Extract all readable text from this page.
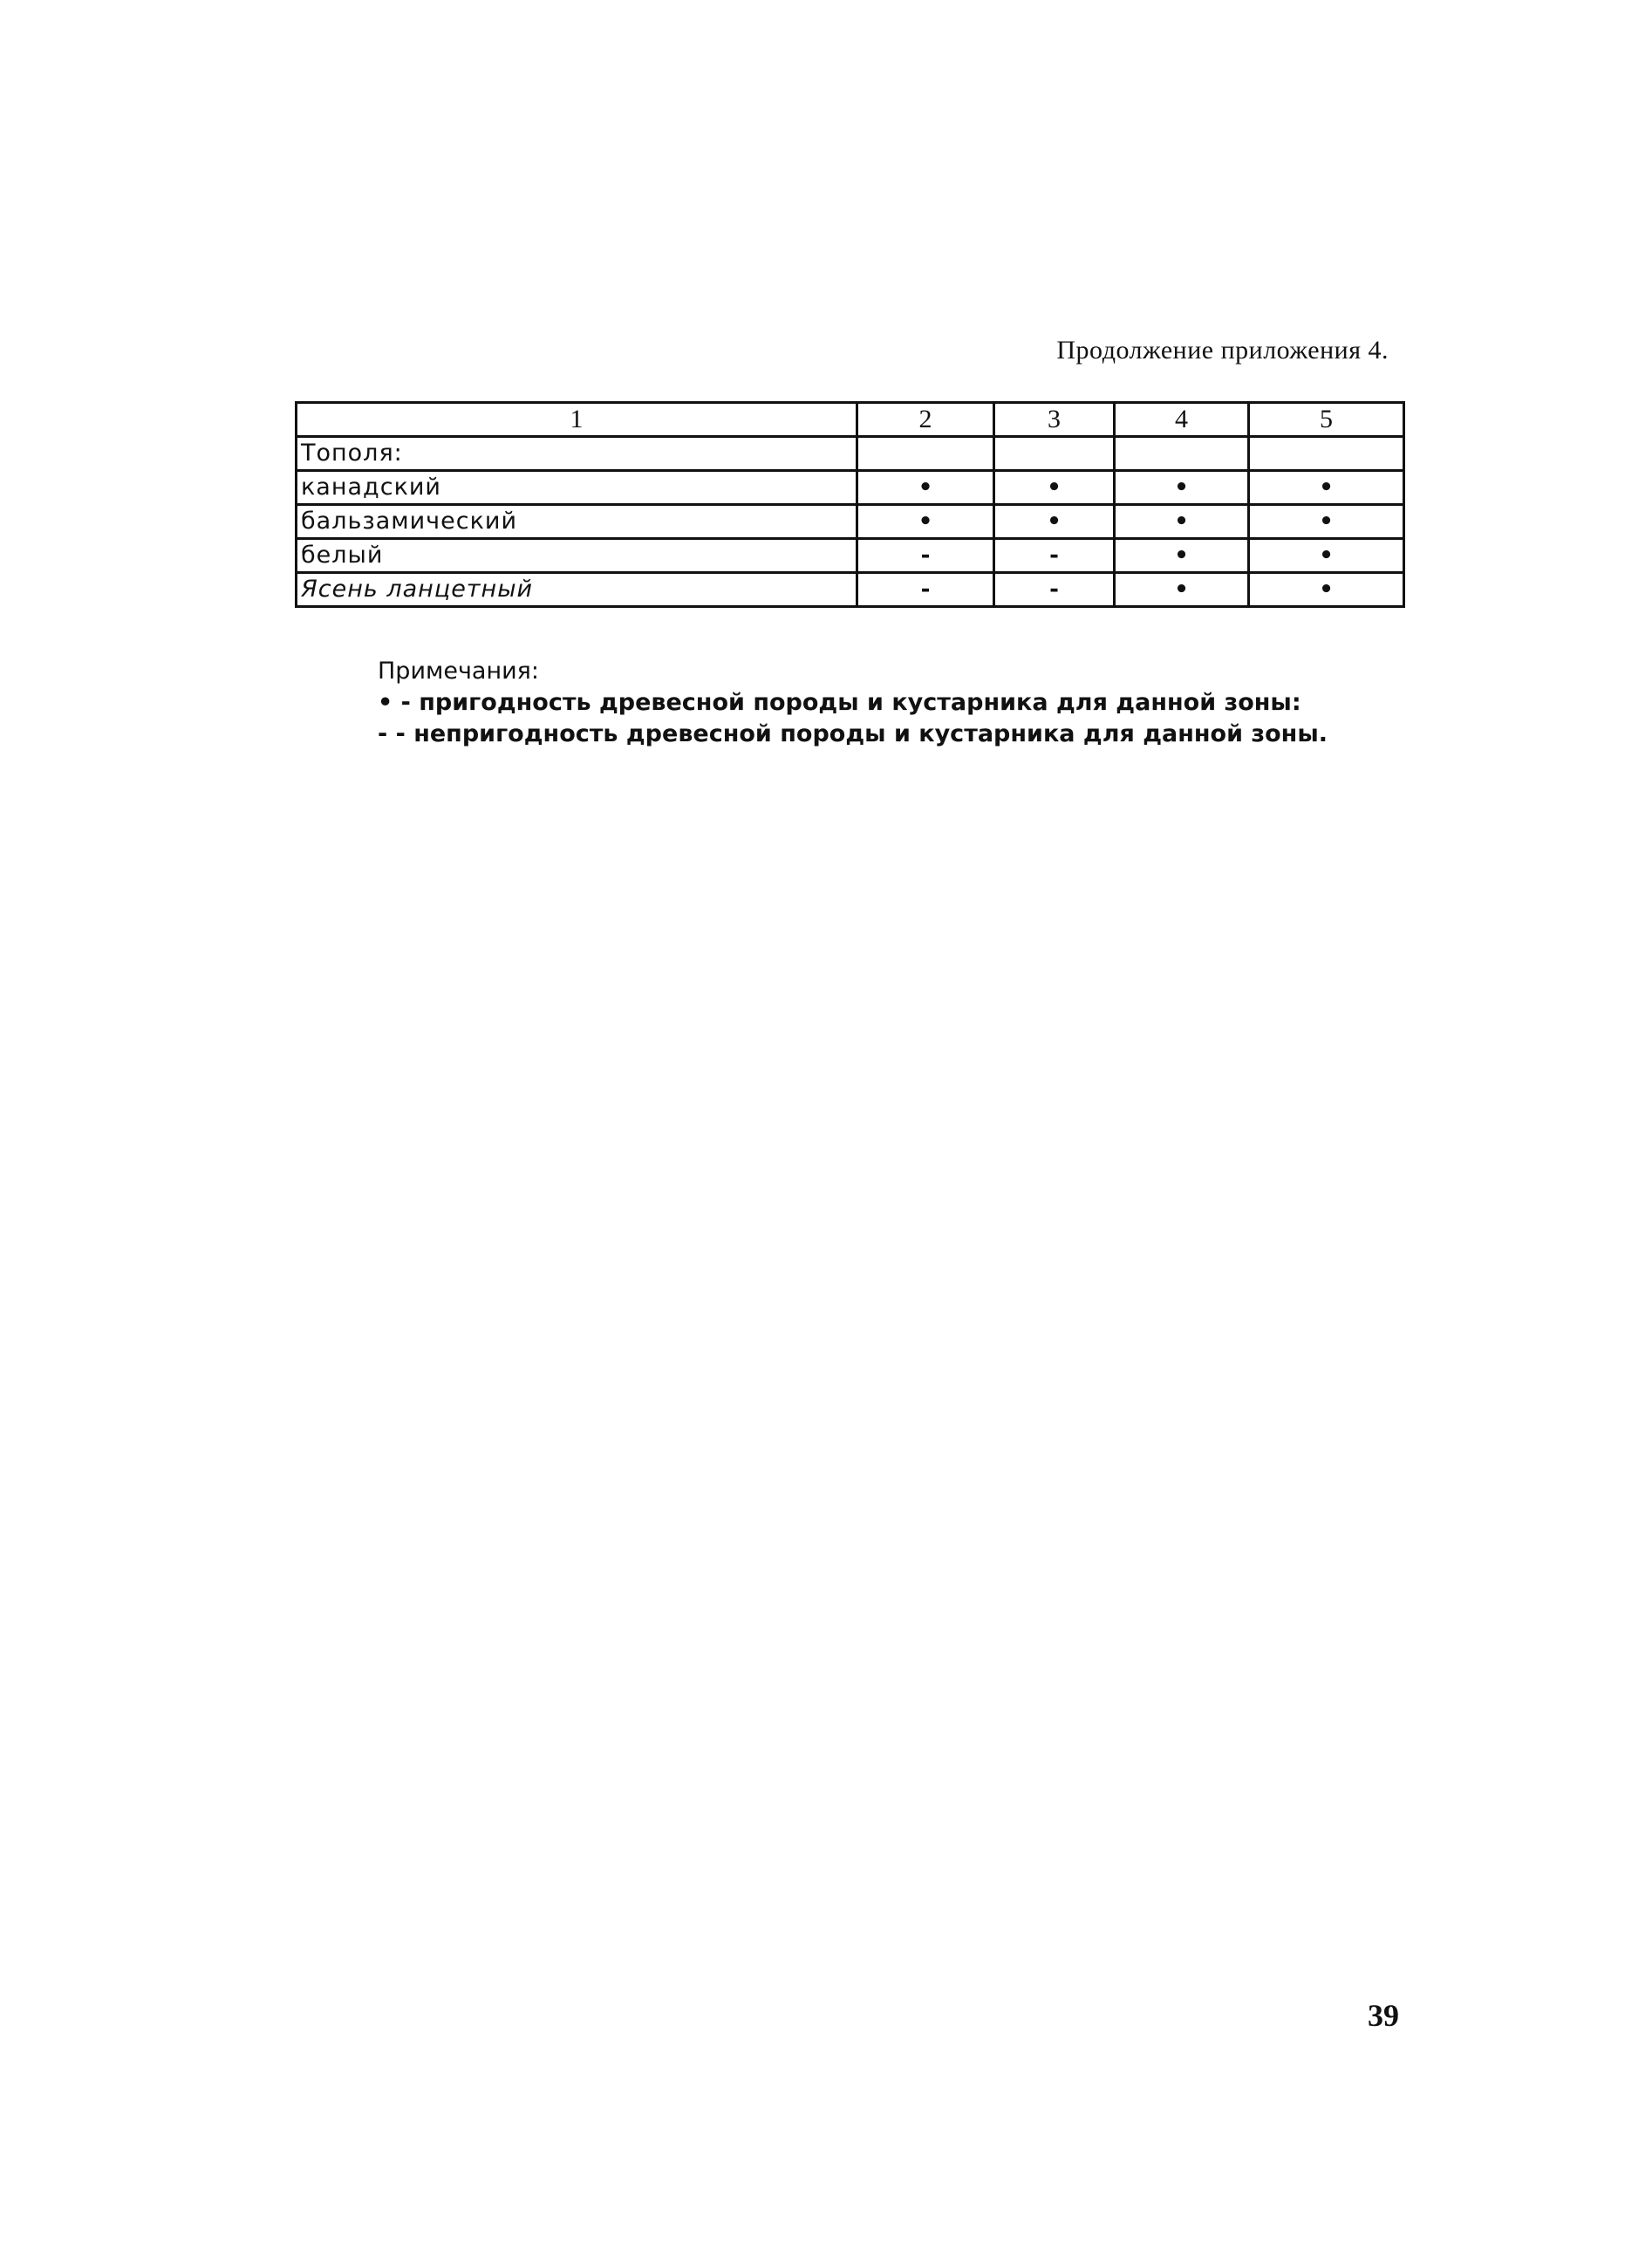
Продолжение приложения 4.
1	2	3	4	5
Тополя:				
канадский	•	•	•	•
бальзамический	•	•	•	•
белый	-	-	•	•
Ясень ланцетный	-	-	•	•
Примечания:
• - пригодность древесной породы и кустарника для данной зоны:
- - непригодность древесной породы и кустарника для данной зоны.
39
